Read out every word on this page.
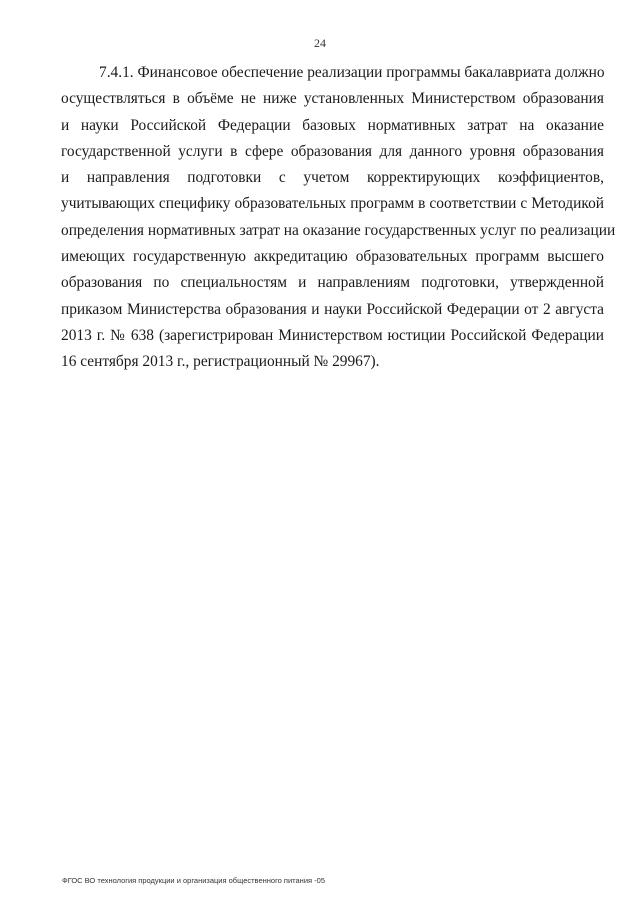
24
7.4.1. Финансовое обеспечение реализации программы бакалавриата должно
осуществляться в объёме не ниже установленных Министерством образования
и науки Российской Федерации базовых нормативных затрат на оказание
государственной услуги в сфере образования для данного уровня образования
и направления подготовки с учетом корректирующих коэффициентов,
учитывающих специфику образовательных программ в соответствии с Методикой
определения нормативных затрат на оказание государственных услуг по реализации
имеющих государственную аккредитацию образовательных программ высшего
образования по специальностям и направлениям подготовки, утвержденной
приказом Министерства образования и науки Российской Федерации от 2 августа
2013 г. № 638 (зарегистрирован Министерством юстиции Российской Федерации
16 сентября 2013 г., регистрационный № 29967).
ФГОС ВО технология продукции и организация общественного питания -05
